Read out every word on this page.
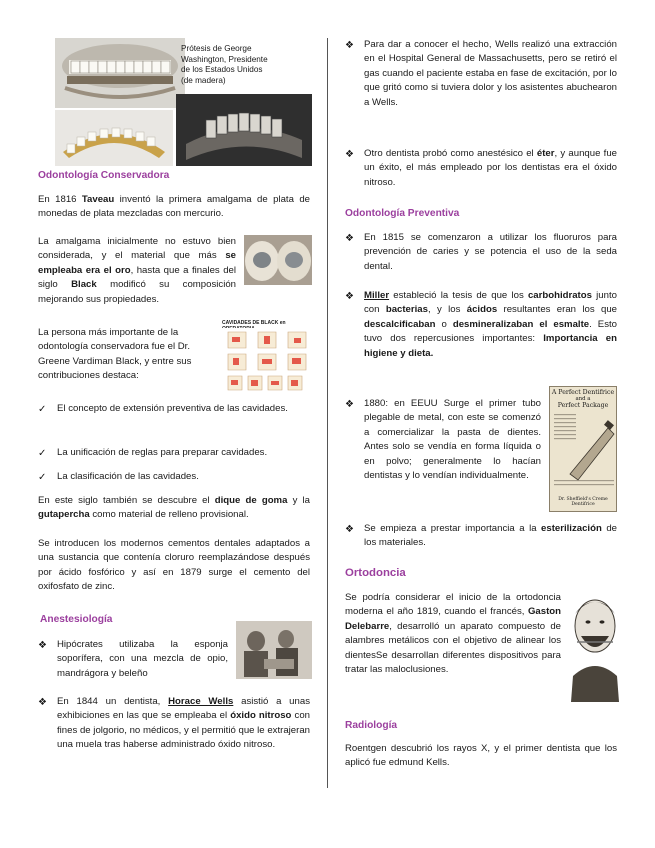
Prótesis de George
Washington, Presidente
de los Estados Unidos
(de madera)
Odontología Conservadora

En 1816 Taveau inventó la primera amalgama de plata de monedas de plata mezcladas con mercurio.

La amalgama inicialmente no estuvo bien considerada, y el material que más se empleaba era el oro, hasta que a finales del siglo Black modificó su composición mejorando sus propiedades.

La persona más importante de la odontología conservadora fue el Dr. Greene Vardiman Black, y entre sus contribuciones destaca:

CAVIDADES DE BLACK en
✓ El concepto de extensión preventiva de las cavidades.
✓ La unificación de reglas para preparar cavidades.
✓ La clasificación de las cavidades.

En este siglo también se descubre el dique de goma y la gutapercha como material de relleno provisional.

Se introducen los modernos cementos dentales adaptados a una sustancia que contenía cloruro reemplazándose después por ácido fosfórico y así en 1879 surge el cemento del oxifosfato de zinc.

Anestesiología
❖ Hipócrates utilizaba la esponja soporífera, con una mezcla de opio, mandrágora y beleño
❖ En 1844 un dentista, Horace Wells asistió a unas exhibiciones en las que se empleaba el óxido nitroso con fines de jolgorio, no médicos, y el permitió que le extrajeran una muela tras haberse administrado óxido nitroso.
❖ Para dar a conocer el hecho, Wells realizó una extracción en el Hospital General de Massachusetts, pero se retiró el gas cuando el paciente estaba en fase de excitación, por lo que gritó como si tuviera dolor y los asistentes abuchearon a Wells.
❖ Otro dentista probó como anestésico el éter, y aunque fue un éxito, el más empleado por los dentistas era el óxido nitroso.
Odontología Preventiva
❖ En 1815 se comenzaron a utilizar los fluoruros para prevención de caries y se potencia el uso de la seda dental.
❖ Miller estableció la tesis de que los carbohidratos junto con bacterias, y los ácidos resultantes eran los que descalcificaban o desmineralizaban el esmalte. Esto tuvo dos repercusiones importantes: Importancia en higiene y dieta.
❖ 1880: en EEUU Surge el primer tubo plegable de metal, con este se comenzó a comercializar la pasta de dientes. Antes solo se vendía en forma líquida o en polvo; generalmente lo hacían dentistas y lo vendían individualmente.
A Perfect Dentifrice
and a
Perfect Package
Dr. Sheffield's Creme Dentifrice
❖ Se empieza a prestar importancia a la esterilización de los materiales.
Ortodoncia

Se podría considerar el inicio de la ortodoncia moderna el año 1819, cuando el francés, Gaston Delebarre, desarrolló un aparato compuesto de alambres metálicos con el objetivo de alinear los dientesSe desarrollan diferentes dispositivos para tratar las maloclusiones.

Radiología

Roentgen descubrió los rayos X, y el primer dentista que los aplicó fue edmund Kells.
